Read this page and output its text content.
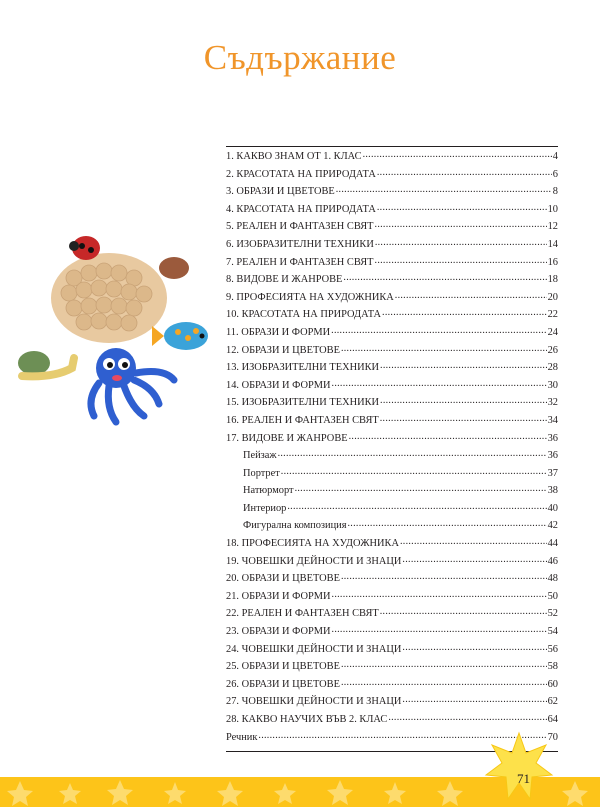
Съдържание
1. КАКВО ЗНАМ ОТ 1. КЛАС .....	4
2. КРАСОТАТА НА ПРИРОДАТА .....	6
3. ОБРАЗИ И ЦВЕТОВЕ .....	8
4. КРАСОТАТА НА ПРИРОДАТА .....	10
5. РЕАЛЕН И ФАНТАЗЕН СВЯТ .....	12
6. ИЗОБРАЗИТЕЛНИ ТЕХНИКИ .....	14
7. РЕАЛЕН И ФАНТАЗЕН СВЯТ .....	16
8. ВИДОВЕ И ЖАНРОВЕ .....	18
9. ПРОФЕСИЯТА НА ХУДОЖНИКА .....	20
10. КРАСОТАТА НА ПРИРОДАТА .....	22
11. ОБРАЗИ И ФОРМИ .....	24
12. ОБРАЗИ И ЦВЕТОВЕ .....	26
13. ИЗОБРАЗИТЕЛНИ ТЕХНИКИ .....	28
14. ОБРАЗИ И ФОРМИ .....	30
15. ИЗОБРАЗИТЕЛНИ ТЕХНИКИ .....	32
16. РЕАЛЕН И ФАНТАЗЕН СВЯТ .....	34
17. ВИДОВЕ И ЖАНРОВЕ .....	36
Пейзаж .....	36
Портрет .....	37
Натюрморт .....	38
Интериор .....	40
Фигурална композиция .....	42
18. ПРОФЕСИЯТА НА ХУДОЖНИКА .....	44
19. ЧОВЕШКИ ДЕЙНОСТИ И ЗНАЦИ .....	46
20. ОБРАЗИ И ЦВЕТОВЕ .....	48
21. ОБРАЗИ И ФОРМИ .....	50
22. РЕАЛЕН И ФАНТАЗЕН СВЯТ .....	52
23. ОБРАЗИ И ФОРМИ .....	54
24. ЧОВЕШКИ ДЕЙНОСТИ И ЗНАЦИ .....	56
25. ОБРАЗИ И ЦВЕТОВЕ .....	58
26. ОБРАЗИ И ЦВЕТОВЕ .....	60
27. ЧОВЕШКИ ДЕЙНОСТИ И ЗНАЦИ .....	62
28. КАКВО НАУЧИХ ВЪВ 2. КЛАС .....	64
Речник .....	70
71
